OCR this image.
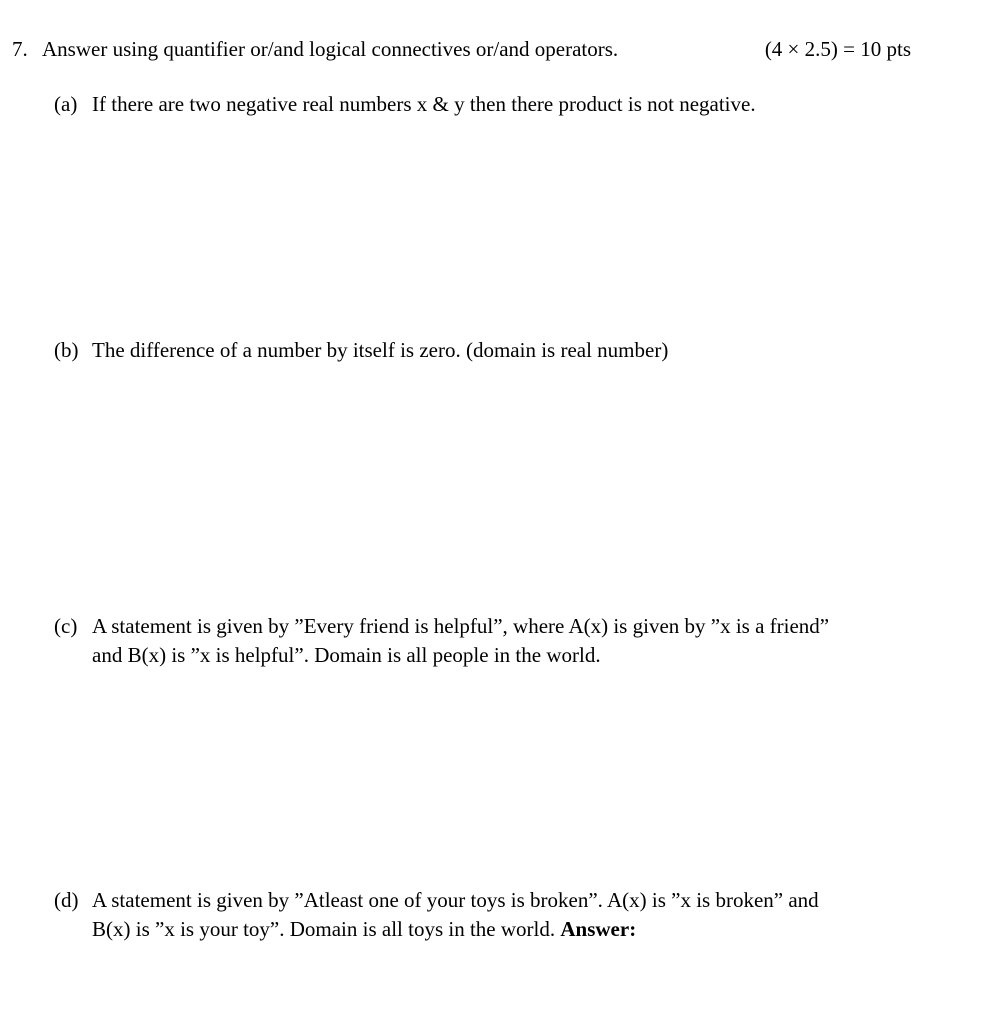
7. Answer using quantifier or/and logical connectives or/and operators.	(4 × 2.5) = 10 pts
(a) If there are two negative real numbers x & y then there product is not negative.
(b) The difference of a number by itself is zero. (domain is real number)
(c) A statement is given by ”Every friend is helpful”, where A(x) is given by ”x is a friend”
and B(x) is ”x is helpful”. Domain is all people in the world.
(d) A statement is given by ”Atleast one of your toys is broken”. A(x) is ”x is broken” and
B(x) is ”x is your toy”. Domain is all toys in the world. Answer:
